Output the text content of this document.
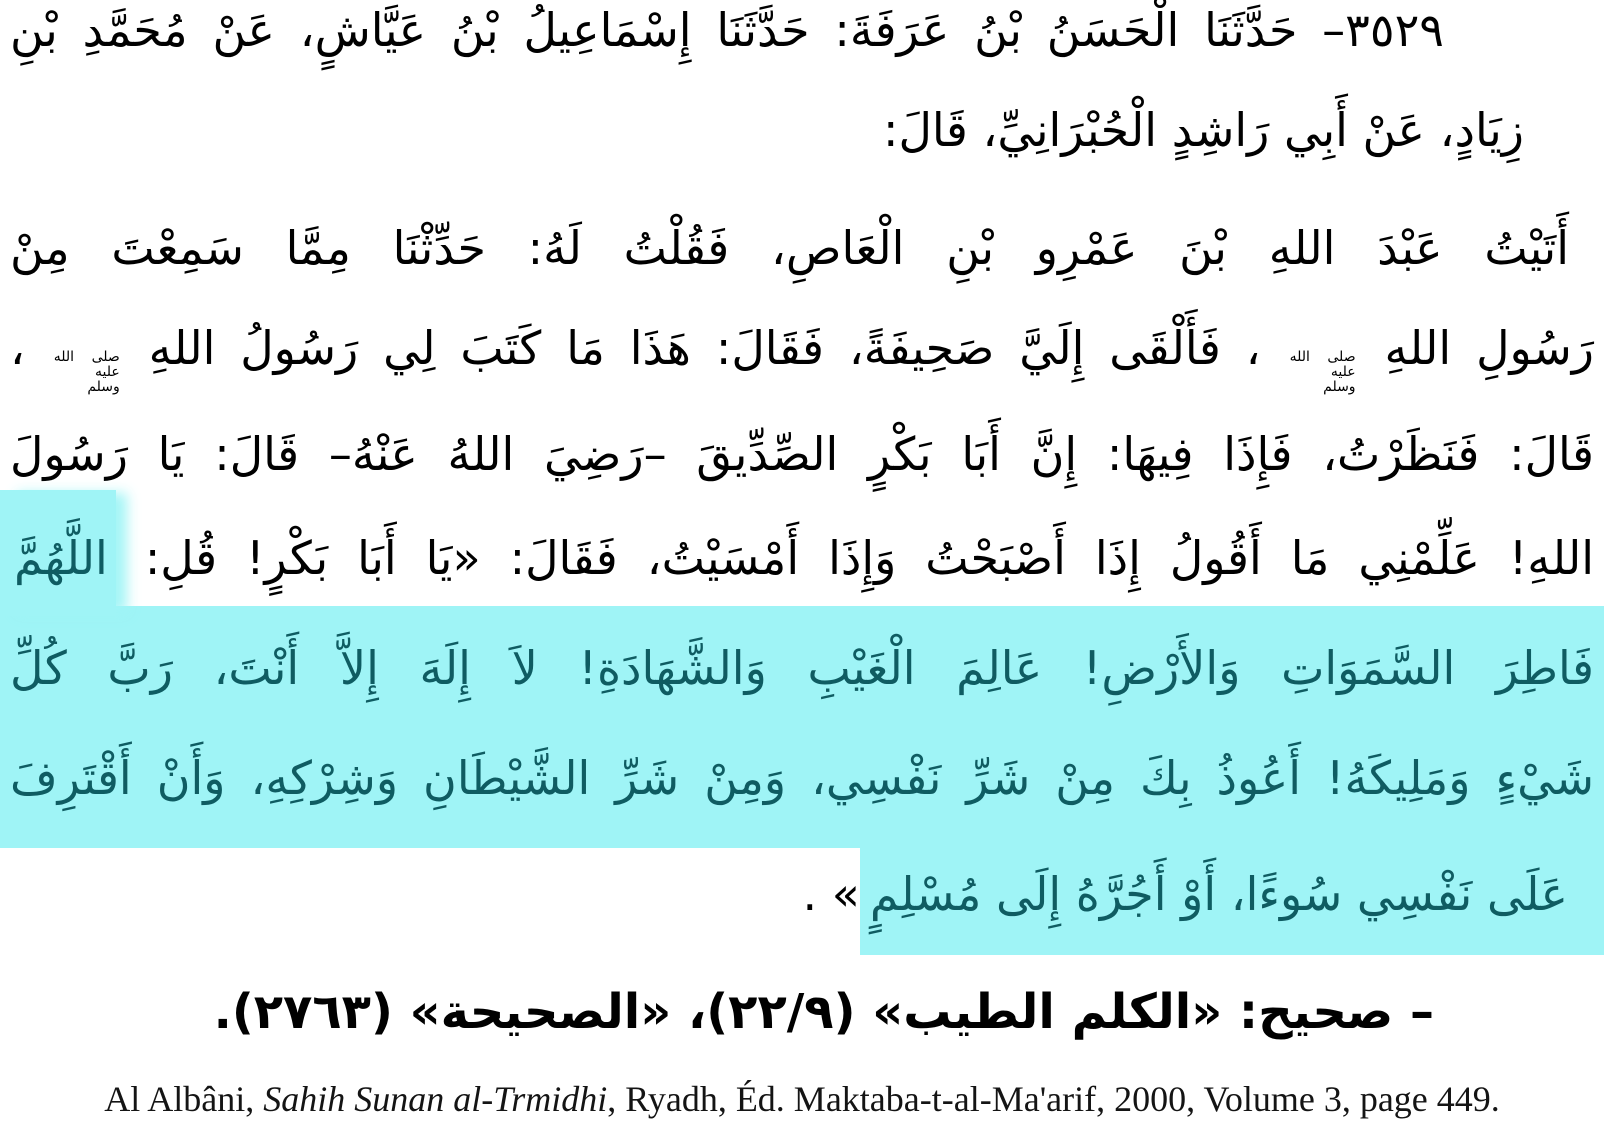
٣٥٢٩– حَدَّثَنَا الْحَسَنُ بْنُ عَرَفَةَ: حَدَّثَنَا إِسْمَاعِيلُ بْنُ عَيَّاشٍ، عَنْ مُحَمَّدِ بْنِ
زِيَادٍ، عَنْ أَبِي رَاشِدٍ الْحُبْرَانِيِّ، قَالَ:
أَتَيْتُ عَبْدَ اللهِ بْنَ عَمْرِو بْنِ الْعَاصِ، فَقُلْتُ لَهُ: حَدِّثْنَا مِمَّا سَمِعْتَ مِنْ
رَسُولِ اللهِ
صلى الله
عليه
وسلم
، فَأَلْقَى إِلَيَّ صَحِيفَةً، فَقَالَ: هَذَا مَا كَتَبَ لِي رَسُولُ اللهِ
صلى الله
عليه
وسلم
،
قَالَ: فَنَظَرْتُ، فَإِذَا فِيهَا: إِنَّ أَبَا بَكْرٍ الصِّدِّيقَ –رَضِيَ اللهُ عَنْهُ– قَالَ: يَا رَسُولَ
اللهِ! عَلِّمْنِي مَا أَقُولُ إِذَا أَصْبَحْتُ وَإِذَا أَمْسَيْتُ، فَقَالَ: «يَا أَبَا بَكْرٍ! قُلِ: اللَّهُمَّ
فَاطِرَ السَّمَوَاتِ وَالأَرْضِ! عَالِمَ الْغَيْبِ وَالشَّهَادَةِ! لاَ إِلَهَ إِلاَّ أَنْتَ، رَبَّ كُلِّ
شَيْءٍ وَمَلِيكَهُ! أَعُوذُ بِكَ مِنْ شَرِّ نَفْسِي، وَمِنْ شَرِّ الشَّيْطَانِ وَشِرْكِهِ، وَأَنْ أَقْتَرِفَ
عَلَى نَفْسِي سُوءًا، أَوْ أَجُرَّهُ إِلَى مُسْلِمٍ» .
– صحيح: «الكلم الطيب» (٢٢/٩)، «الصحيحة» (٢٧٦٣).
Al Albâni, Sahih Sunan al-Trmidhi, Ryadh, Éd. Maktaba-t-al-Ma'arif, 2000, Volume 3, page 449.
